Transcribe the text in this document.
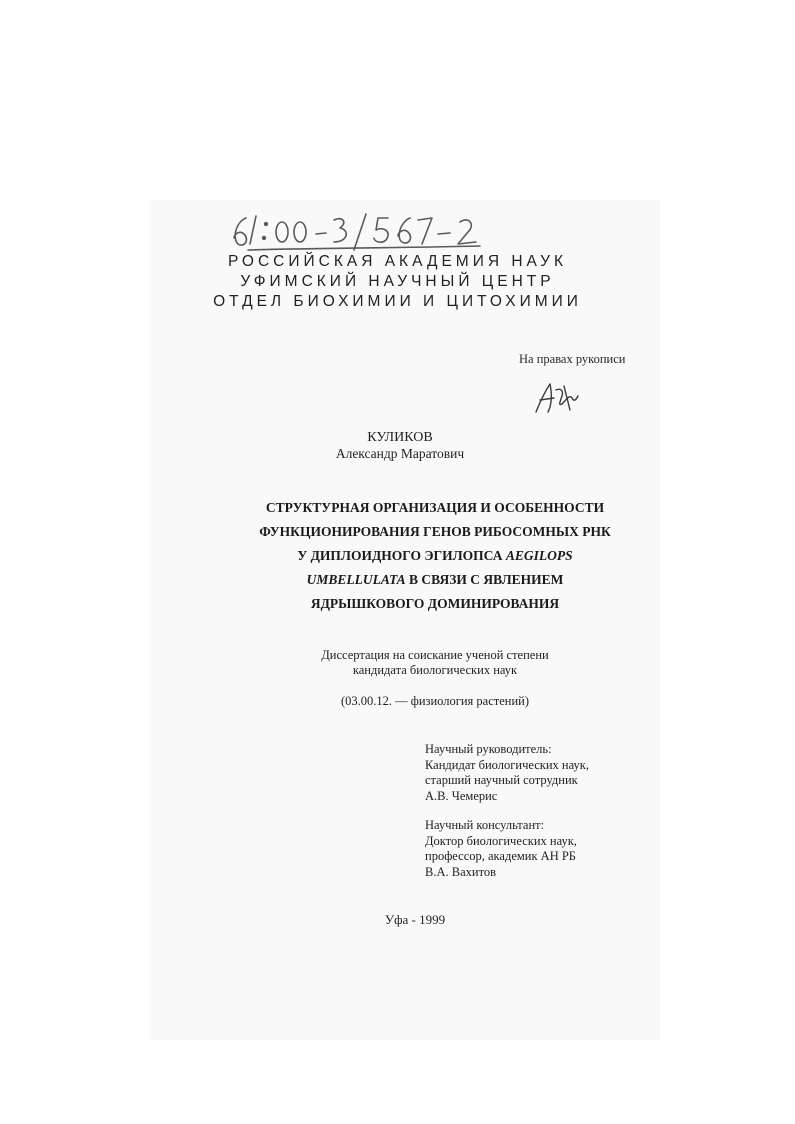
РОССИЙСКАЯ АКАДЕМИЯ НАУК
УФИМСКИЙ НАУЧНЫЙ ЦЕНТР
ОТДЕЛ БИОХИМИИ И ЦИТОХИМИИ
На правах рукописи
КУЛИКОВ
Александр Маратович
СТРУКТУРНАЯ ОРГАНИЗАЦИЯ И ОСОБЕННОСТИ
ФУНКЦИОНИРОВАНИЯ ГЕНОВ РИБОСОМНЫХ РНК
У ДИПЛОИДНОГО ЭГИЛОПСА AEGILOPS
UMBELLULATA В СВЯЗИ С ЯВЛЕНИЕМ
ЯДРЫШКОВОГО ДОМИНИРОВАНИЯ
Диссертация на соискание ученой степени
кандидата биологических наук
(03.00.12. — физиология растений)
Научный руководитель:
Кандидат биологических наук,
старший научный сотрудник
А.В. Чемерис
Научный консультант:
Доктор биологических наук,
профессор, академик АН РБ
В.А. Вахитов
Уфа - 1999
